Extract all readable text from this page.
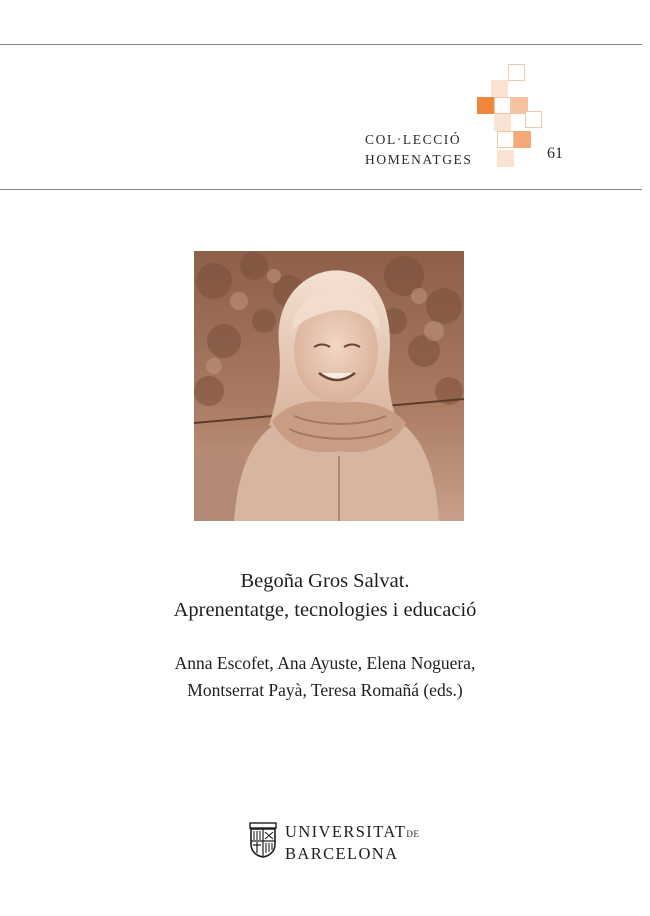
COL·LECCIÓ
HOMENATGES	61
Begoña Gros Salvat.
Aprenentatge, tecnologies i educació
Anna Escofet, Ana Ayuste, Elena Noguera,
Montserrat Payà, Teresa Romañá (eds.)
UNIVERSITATDE
BARCELONA
